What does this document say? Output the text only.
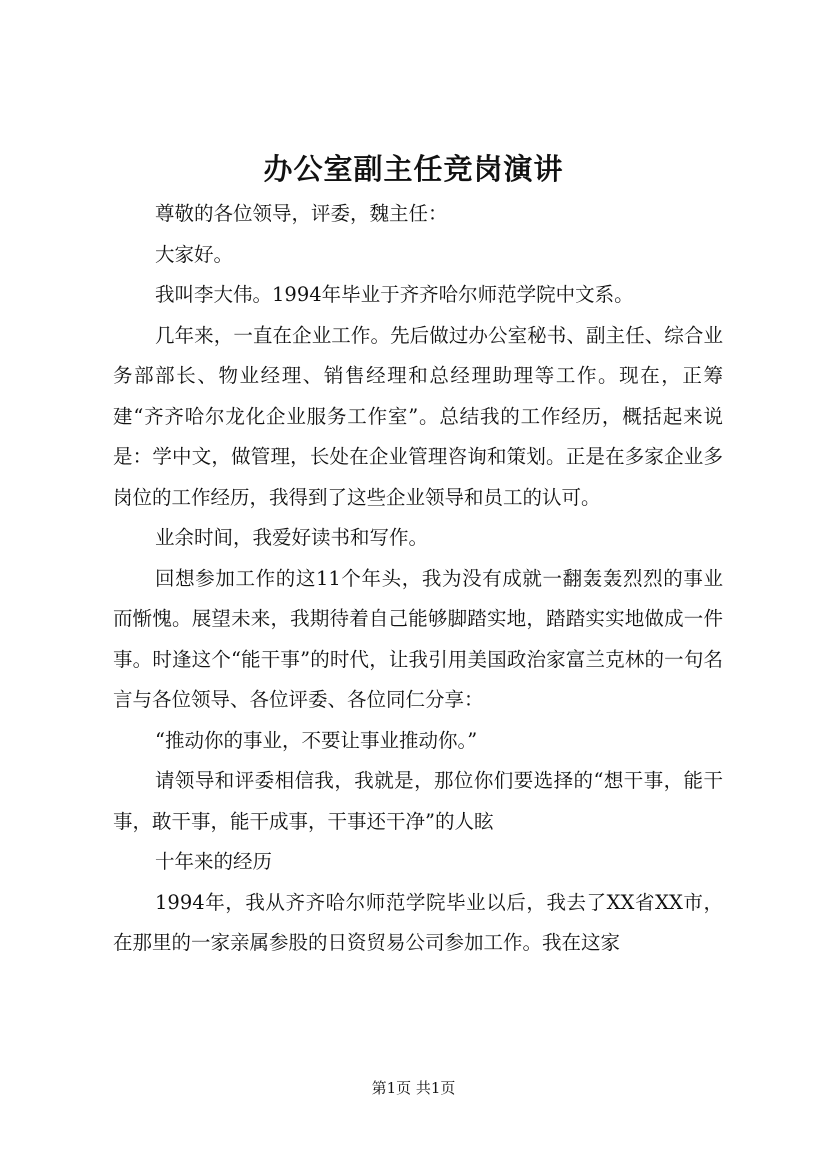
办公室副主任竞岗演讲

尊敬的各位领导，评委，魏主任：

大家好。

我叫李大伟。1994年毕业于齐齐哈尔师范学院中文系。

几年来，一直在企业工作。先后做过办公室秘书、副主任、综合业务部部长、物业经理、销售经理和总经理助理等工作。现在，正筹建“齐齐哈尔龙化企业服务工作室”。总结我的工作经历，概括起来说是：学中文，做管理，长处在企业管理咨询和策划。正是在多家企业多岗位的工作经历，我得到了这些企业领导和员工的认可。

业余时间，我爱好读书和写作。

回想参加工作的这11个年头，我为没有成就一翻轰轰烈烈的事业而惭愧。展望未来，我期待着自己能够脚踏实地，踏踏实实地做成一件事。时逢这个“能干事”的时代，让我引用美国政治家富兰克林的一句名言与各位领导、各位评委、各位同仁分享：

“推动你的事业，不要让事业推动你。”

请领导和评委相信我，我就是，那位你们要选择的“想干事，能干事，敢干事，能干成事，干事还干净”的人眩

十年来的经历

1994年，我从齐齐哈尔师范学院毕业以后，我去了XX省XX市，在那里的一家亲属参股的日资贸易公司参加工作。我在这家

第1页 共1页
